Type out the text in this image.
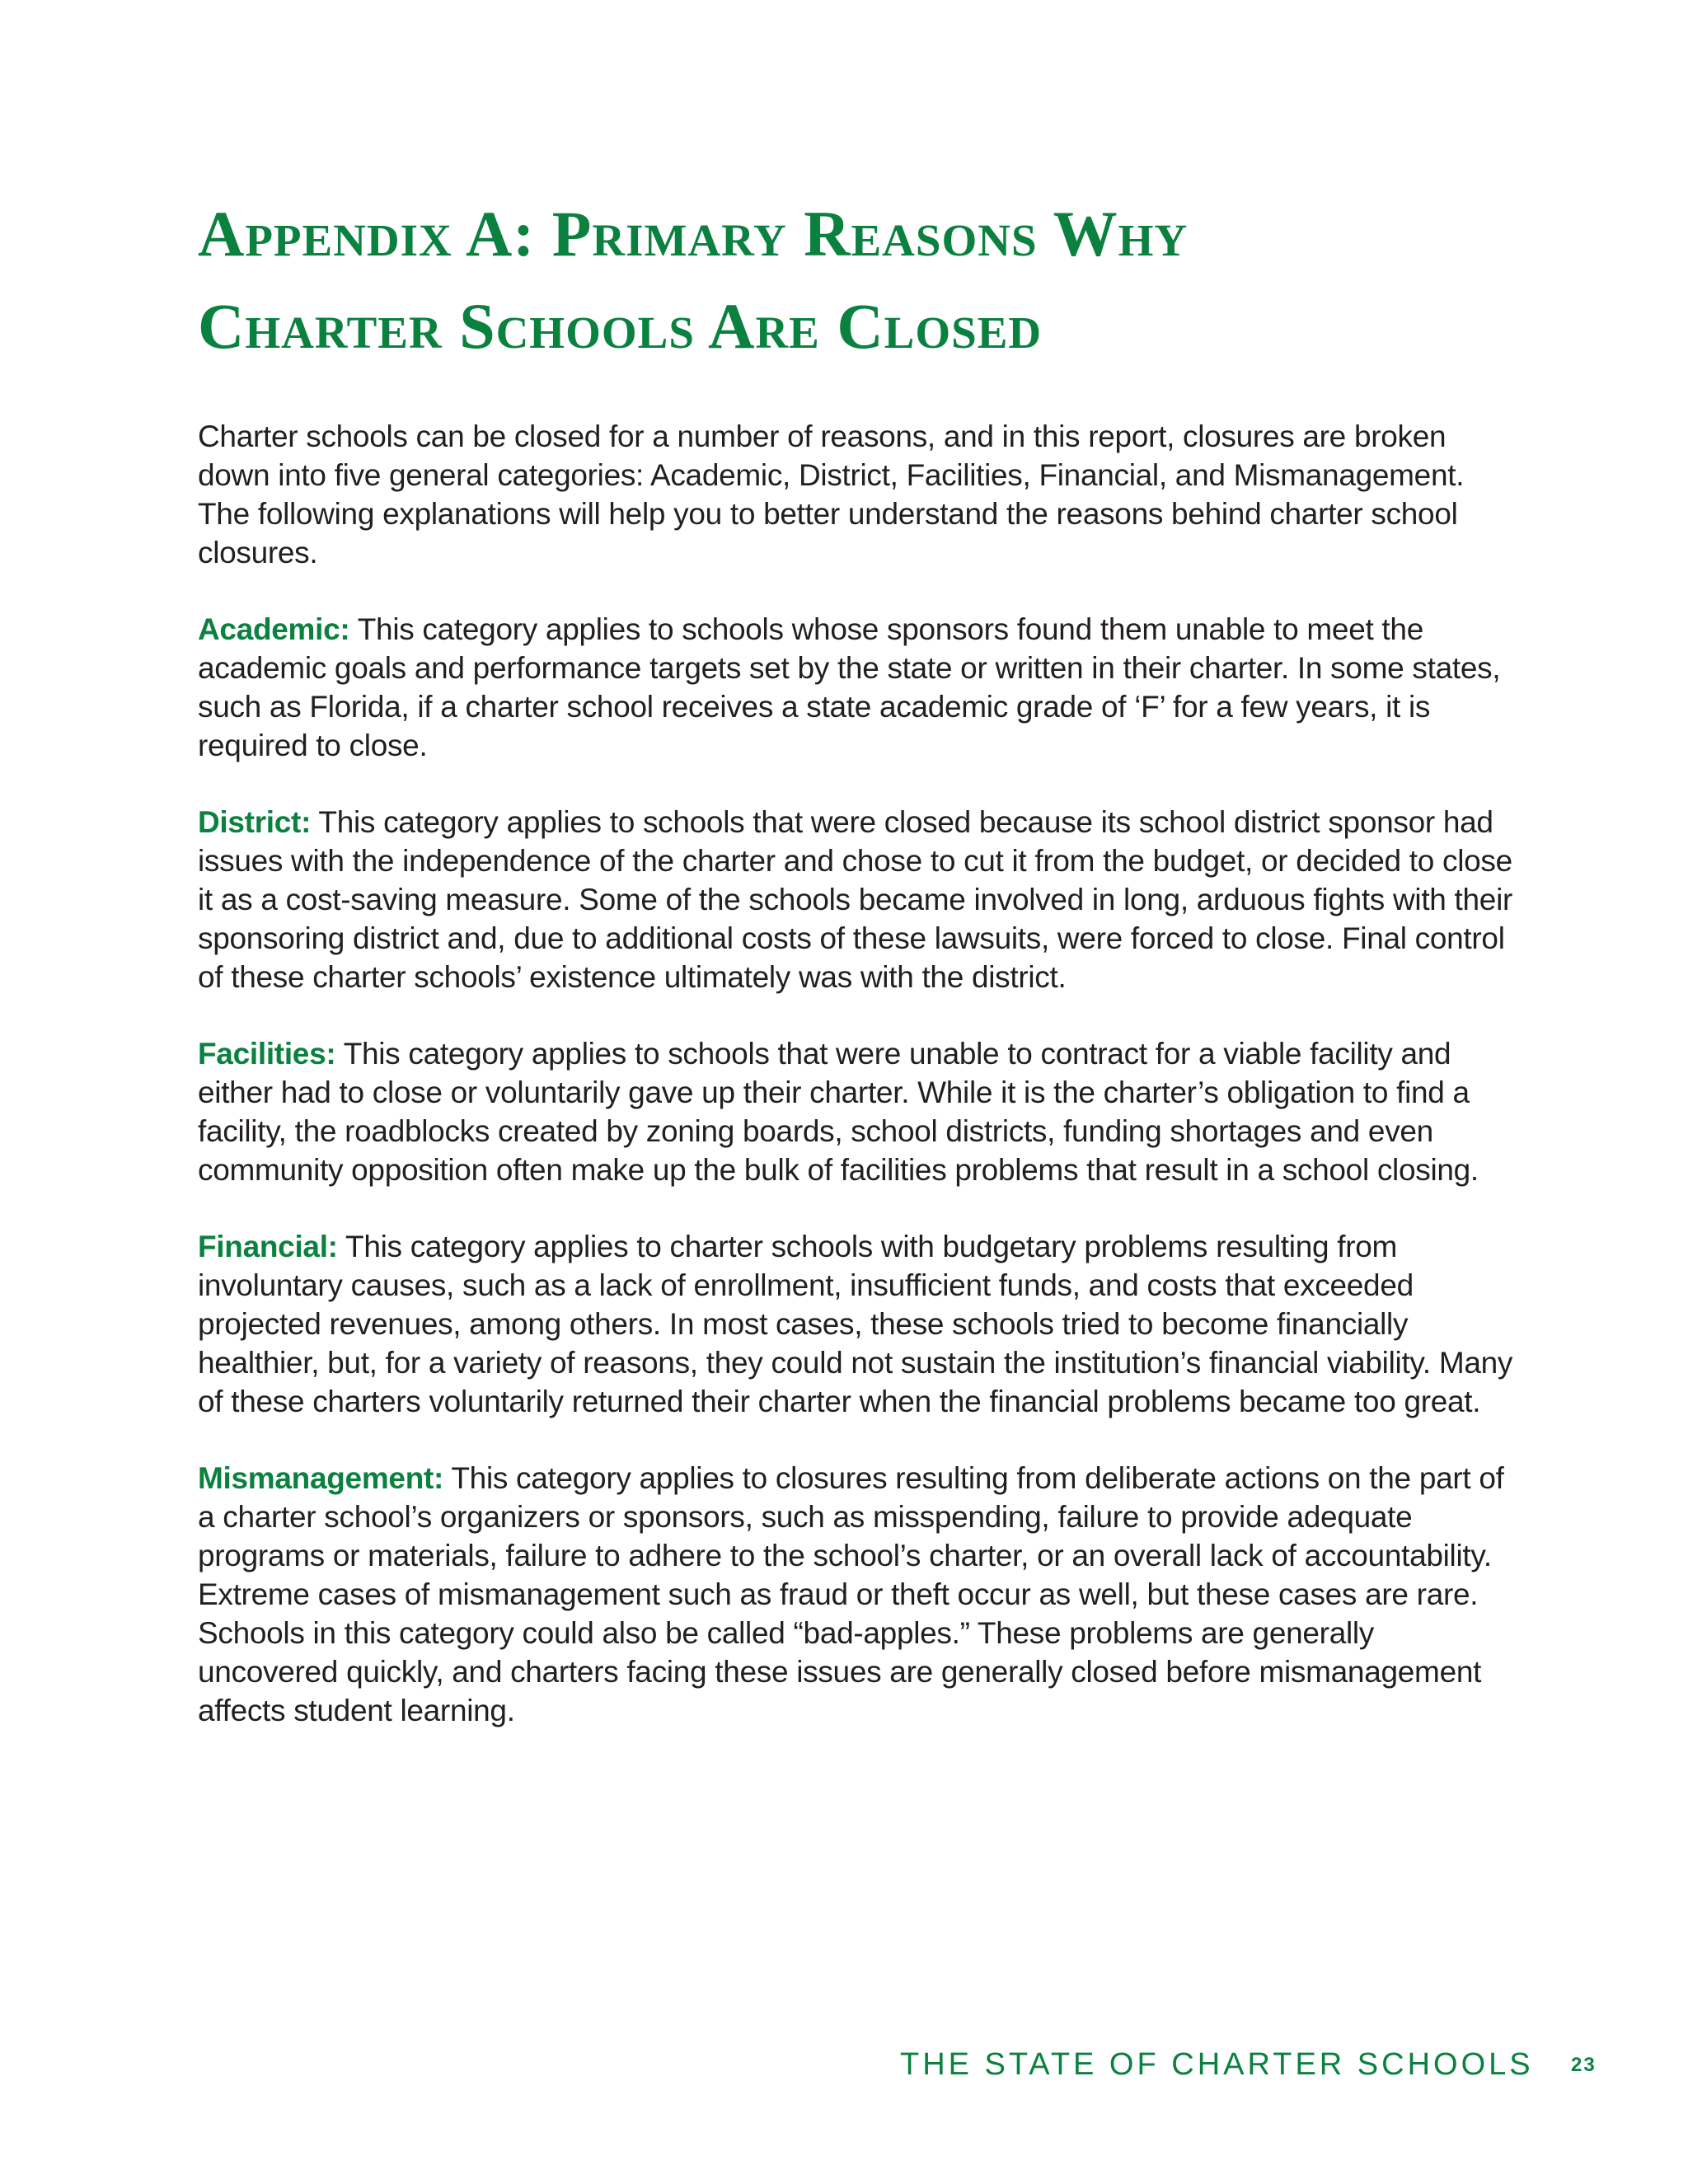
Appendix A: Primary Reasons Why
Charter Schools Are Closed

Charter schools can be closed for a number of reasons, and in this report, closures are broken down into five general categories: Academic, District, Facilities, Financial, and Mismanagement. The following explanations will help you to better understand the reasons behind charter school closures.

Academic: This category applies to schools whose sponsors found them unable to meet the academic goals and performance targets set by the state or written in their charter. In some states, such as Florida, if a charter school receives a state academic grade of ‘F’ for a few years, it is required to close.

District: This category applies to schools that were closed because its school district sponsor had issues with the independence of the charter and chose to cut it from the budget, or decided to close it as a cost-saving measure. Some of the schools became involved in long, arduous fights with their sponsoring district and, due to additional costs of these lawsuits, were forced to close. Final control of these charter schools’ existence ultimately was with the district.

Facilities: This category applies to schools that were unable to contract for a viable facility and either had to close or voluntarily gave up their charter. While it is the charter’s obligation to find a facility, the roadblocks created by zoning boards, school districts, funding shortages and even community opposition often make up the bulk of facilities problems that result in a school closing.

Financial: This category applies to charter schools with budgetary problems resulting from involuntary causes, such as a lack of enrollment, insufficient funds, and costs that exceeded projected revenues, among others. In most cases, these schools tried to become financially healthier, but, for a variety of reasons, they could not sustain the institution’s financial viability. Many of these charters voluntarily returned their charter when the financial problems became too great.

Mismanagement: This category applies to closures resulting from deliberate actions on the part of a charter school’s organizers or sponsors, such as misspending, failure to provide adequate programs or materials, failure to adhere to the school’s charter, or an overall lack of accountability. Extreme cases of mismanagement such as fraud or theft occur as well, but these cases are rare. Schools in this category could also be called “bad-apples.” These problems are generally uncovered quickly, and charters facing these issues are generally closed before mismanagement affects student learning.

THE STATE OF CHARTER SCHOOLS 23
